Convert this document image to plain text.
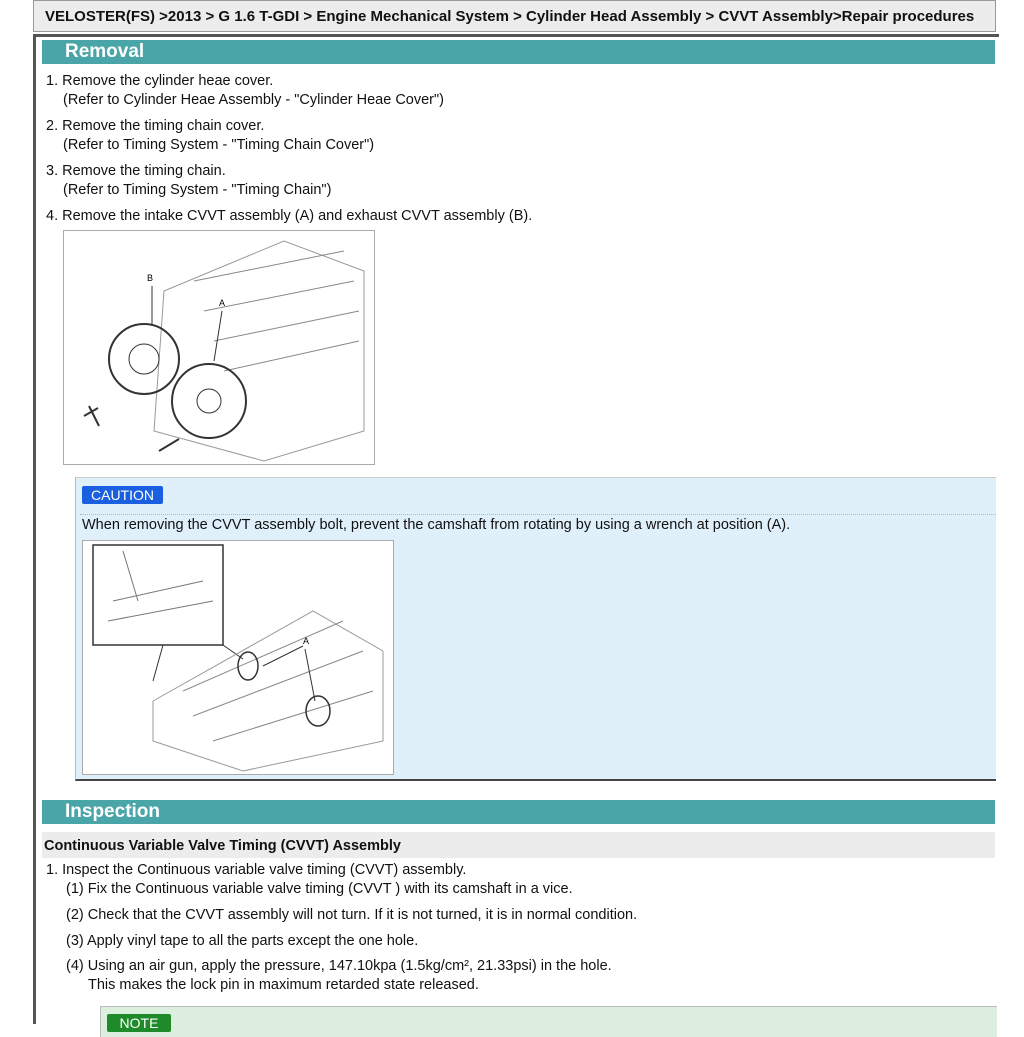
VELOSTER(FS) >2013 > G 1.6 T-GDI > Engine Mechanical System > Cylinder Head Assembly > CVVT Assembly>Repair procedures
Removal
1. Remove the cylinder heae cover.
(Refer to Cylinder Heae Assembly - "Cylinder Heae Cover")
2. Remove the timing chain cover.
(Refer to Timing System - "Timing Chain Cover")
3. Remove the timing chain.
(Refer to Timing System - "Timing Chain")
4. Remove the intake CVVT assembly (A) and exhaust CVVT assembly (B).
B
A
CAUTION
When removing the CVVT assembly bolt, prevent the camshaft from rotating by using a wrench at position (A).
A
Inspection
Continuous Variable Valve Timing (CVVT) Assembly
1. Inspect the Continuous variable valve timing (CVVT) assembly.
(1) Fix the Continuous variable valve timing (CVVT ) with its camshaft in a vice.
(2) Check that the CVVT assembly will not turn. If it is not turned, it is in normal condition.
(3) Apply vinyl tape to all the parts except the one hole.
(4) Using an air gun, apply the pressure, 147.10kpa (1.5kg/cm², 21.33psi) in the hole.
This makes the lock pin in maximum retarded state released.
NOTE
